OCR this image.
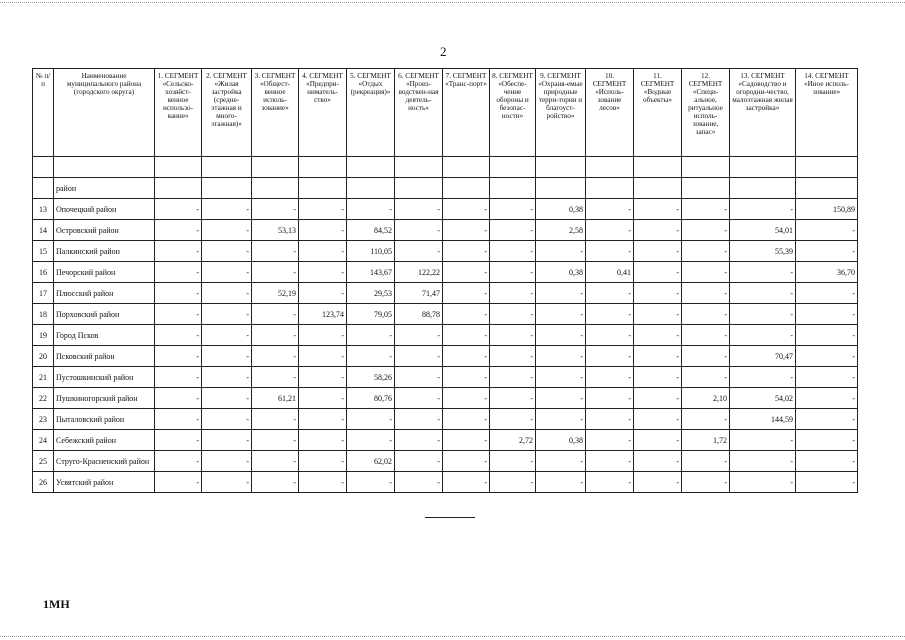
2
№ п/п	Наименование муниципального района (городского округа)	1. СЕГМЕНТ «Сельско-хозяйст-венное использо-вание»	2. СЕГМЕНТ «Жилая застройка (средне-этажная и много-этажная)»	3. СЕГМЕНТ «Общест-венное исполь-зование»	4. СЕГМЕНТ «Предпри-ниматель-ство»	5. СЕГМЕНТ «Отдых (рекреация)»	6. СЕГМЕНТ «Произ-водствен-ная деятель-ность»	7. СЕГМЕНТ «Транс-порт»	8. СЕГМЕНТ «Обеспе-чение обороны и безопас-ности»	9. СЕГМЕНТ «Охраня-емые природные терри-тории и благоуст-ройство»	10. СЕГМЕНТ «Исполь-зование лесов»	11. СЕГМЕНТ «Водные объекты»	12. СЕГМЕНТ «Специ-альное, ритуальное исполь-зование, запас»	13. СЕГМЕНТ «Садоводство и огородни-чество, малоэтажная жилая застройка»	14. СЕГМЕНТ «Иное исполь-зование»

	район														
13	Опочецкий район	-	-	-	-	-	-	-	-	0,38	-	-	-	-	150,89
14	Островский район	-	-	53,13	-	84,52	-	-	-	2,58	-	-	-	54,01	-
15	Палкинский район	-	-	-	-	110,05	-	-	-	-	-	-	-	55,39	-
16	Печорский район	-	-	-	-	143,67	122,22	-	-	0,38	0,41	-	-	-	36,70
17	Плюсский район	-	-	52,19	-	29,53	71,47	-	-	-	-	-	-	-	-
18	Порховский район	-	-	-	123,74	79,05	88,78	-	-	-	-	-	-	-	-
19	Город Псков	-	-	-	-	-	-	-	-	-	-	-	-	-	-
20	Псковский район	-	-	-	-	-	-	-	-	-	-	-	-	70,47	-
21	Пустошкинский район	-	-	-	-	58,26	-	-	-	-	-	-	-	-	-
22	Пушкиногорский район	-	-	61,21	-	80,76	-	-	-	-	-	-	2,10	54,02	-
23	Пыталовский район	-	-	-	-	-	-	-	-	-	-	-	-	144,59	-
24	Себежский район	-	-	-	-	-	-	-	2,72	0,38	-	-	1,72	-	-
25	Струго-Красненский район	-	-	-	-	62,02	-	-	-	-	-	-	-	-	-
26	Усвятский район	-	-	-	-	-	-	-	-	-	-	-	-	-	-
1МН
